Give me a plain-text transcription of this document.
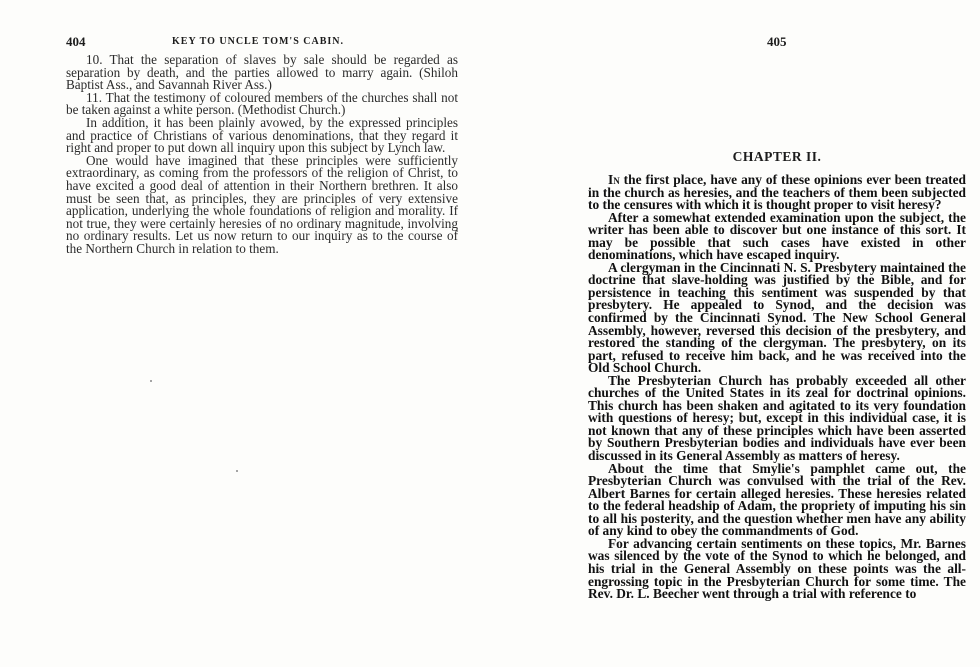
404	KEY TO UNCLE TOM'S CABIN.

10. That the separation of slaves by sale should be regarded as separation by death, and the parties allowed to marry again. (Shiloh Baptist Ass., and Savannah River Ass.)

11. That the testimony of coloured members of the churches shall not be taken against a white person. (Methodist Church.)

In addition, it has been plainly avowed, by the expressed principles and practice of Christians of various denominations, that they regard it right and proper to put down all inquiry upon this subject by Lynch law.

One would have imagined that these principles were sufficiently extraordinary, as coming from the professors of the religion of Christ, to have excited a good deal of attention in their Northern brethren. It also must be seen that, as principles, they are principles of very extensive application, underlying the whole foundations of religion and morality. If not true, they were certainly heresies of no ordinary magnitude, involving no ordinary results. Let us now return to our inquiry as to the course of the Northern Church in relation to them.

405
CHAPTER II.

In the first place, have any of these opinions ever been treated in the church as heresies, and the teachers of them been subjected to the censures with which it is thought proper to visit heresy?

After a somewhat extended examination upon the subject, the writer has been able to discover but one instance of this sort. It may be possible that such cases have existed in other denominations, which have escaped inquiry.

A clergyman in the Cincinnati N. S. Presbytery maintained the doctrine that slave-holding was justified by the Bible, and for persistence in teaching this sentiment was suspended by that presbytery. He appealed to Synod, and the decision was confirmed by the Cincinnati Synod. The New School General Assembly, however, reversed this decision of the presbytery, and restored the standing of the clergyman. The presbytery, on its part, refused to receive him back, and he was received into the Old School Church.

The Presbyterian Church has probably exceeded all other churches of the United States in its zeal for doctrinal opinions. This church has been shaken and agitated to its very foundation with questions of heresy; but, except in this individual case, it is not known that any of these principles which have been asserted by Southern Presbyterian bodies and individuals have ever been discussed in its General Assembly as matters of heresy.

About the time that Smylie's pamphlet came out, the Presbyterian Church was convulsed with the trial of the Rev. Albert Barnes for certain alleged heresies. These heresies related to the federal headship of Adam, the propriety of imputing his sin to all his posterity, and the question whether men have any ability of any kind to obey the commandments of God.

For advancing certain sentiments on these topics, Mr. Barnes was silenced by the vote of the Synod to which he belonged, and his trial in the General Assembly on these points was the all-engrossing topic in the Presbyterian Church for some time. The Rev. Dr. L. Beecher went through a trial with reference to
